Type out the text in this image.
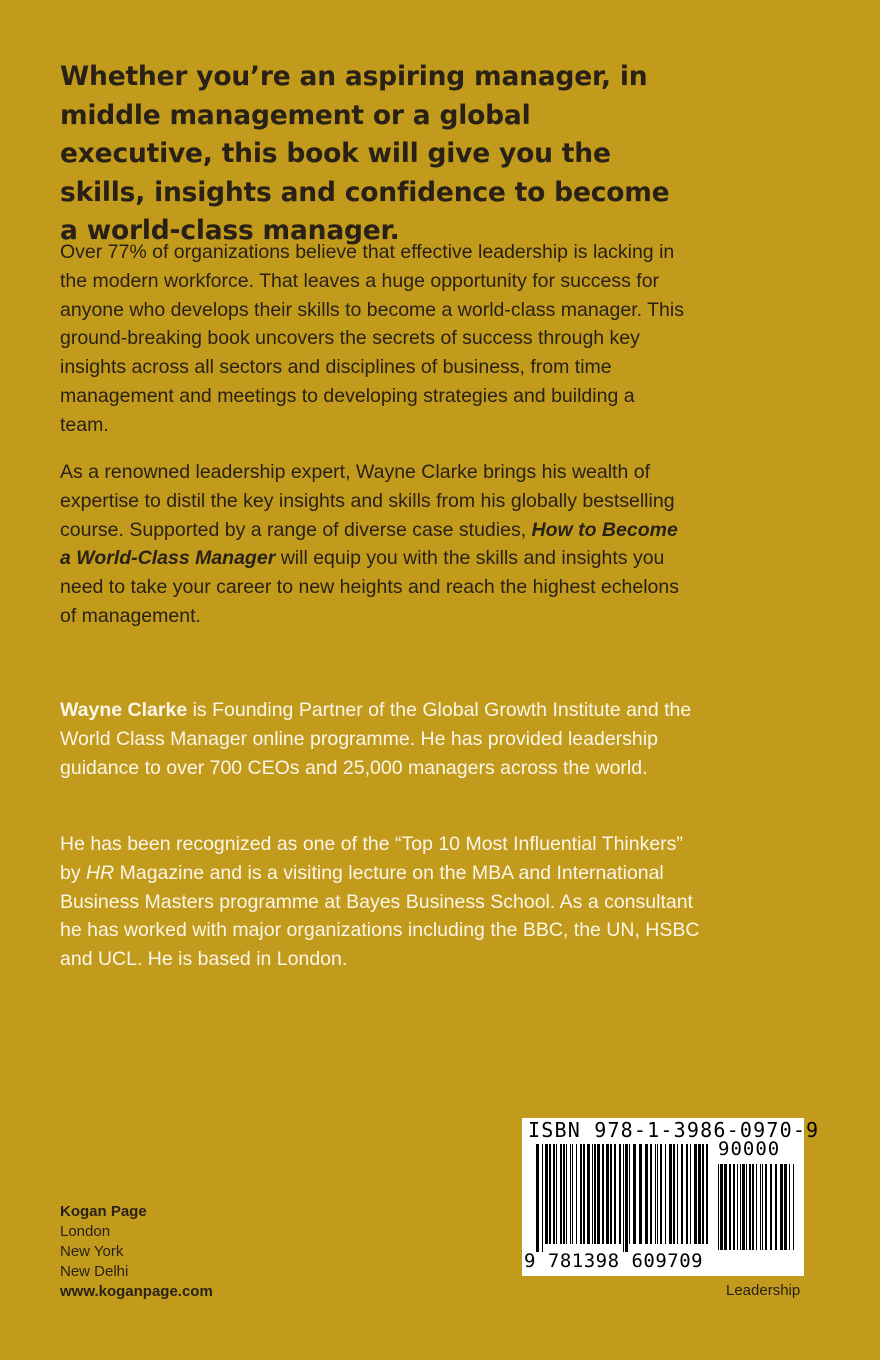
Whether you’re an aspiring manager, in middle management or a global executive, this book will give you the skills, insights and confidence to become a world-class manager.

Over 77% of organizations believe that effective leadership is lacking in the modern workforce. That leaves a huge opportunity for success for anyone who develops their skills to become a world-class manager. This ground-breaking book uncovers the secrets of success through key insights across all sectors and disciplines of business, from time management and meetings to developing strategies and building a team.

As a renowned leadership expert, Wayne Clarke brings his wealth of expertise to distil the key insights and skills from his globally bestselling course. Supported by a range of diverse case studies, How to Become a World-Class Manager will equip you with the skills and insights you need to take your career to new heights and reach the highest echelons of management.

Wayne Clarke is Founding Partner of the Global Growth Institute and the World Class Manager online programme. He has provided leadership guidance to over 700 CEOs and 25,000 managers across the world.

He has been recognized as one of the “Top 10 Most Influential Thinkers” by HR Magazine and is a visiting lecture on the MBA and International Business Masters programme at Bayes Business School. As a consultant he has worked with major organizations including the BBC, the UN, HSBC and UCL. He is based in London.

Kogan Page
London
New York
New Delhi
www.koganpage.com
ISBN 978-1-3986-0970-9
90000
9 781398 609709
Leadership
